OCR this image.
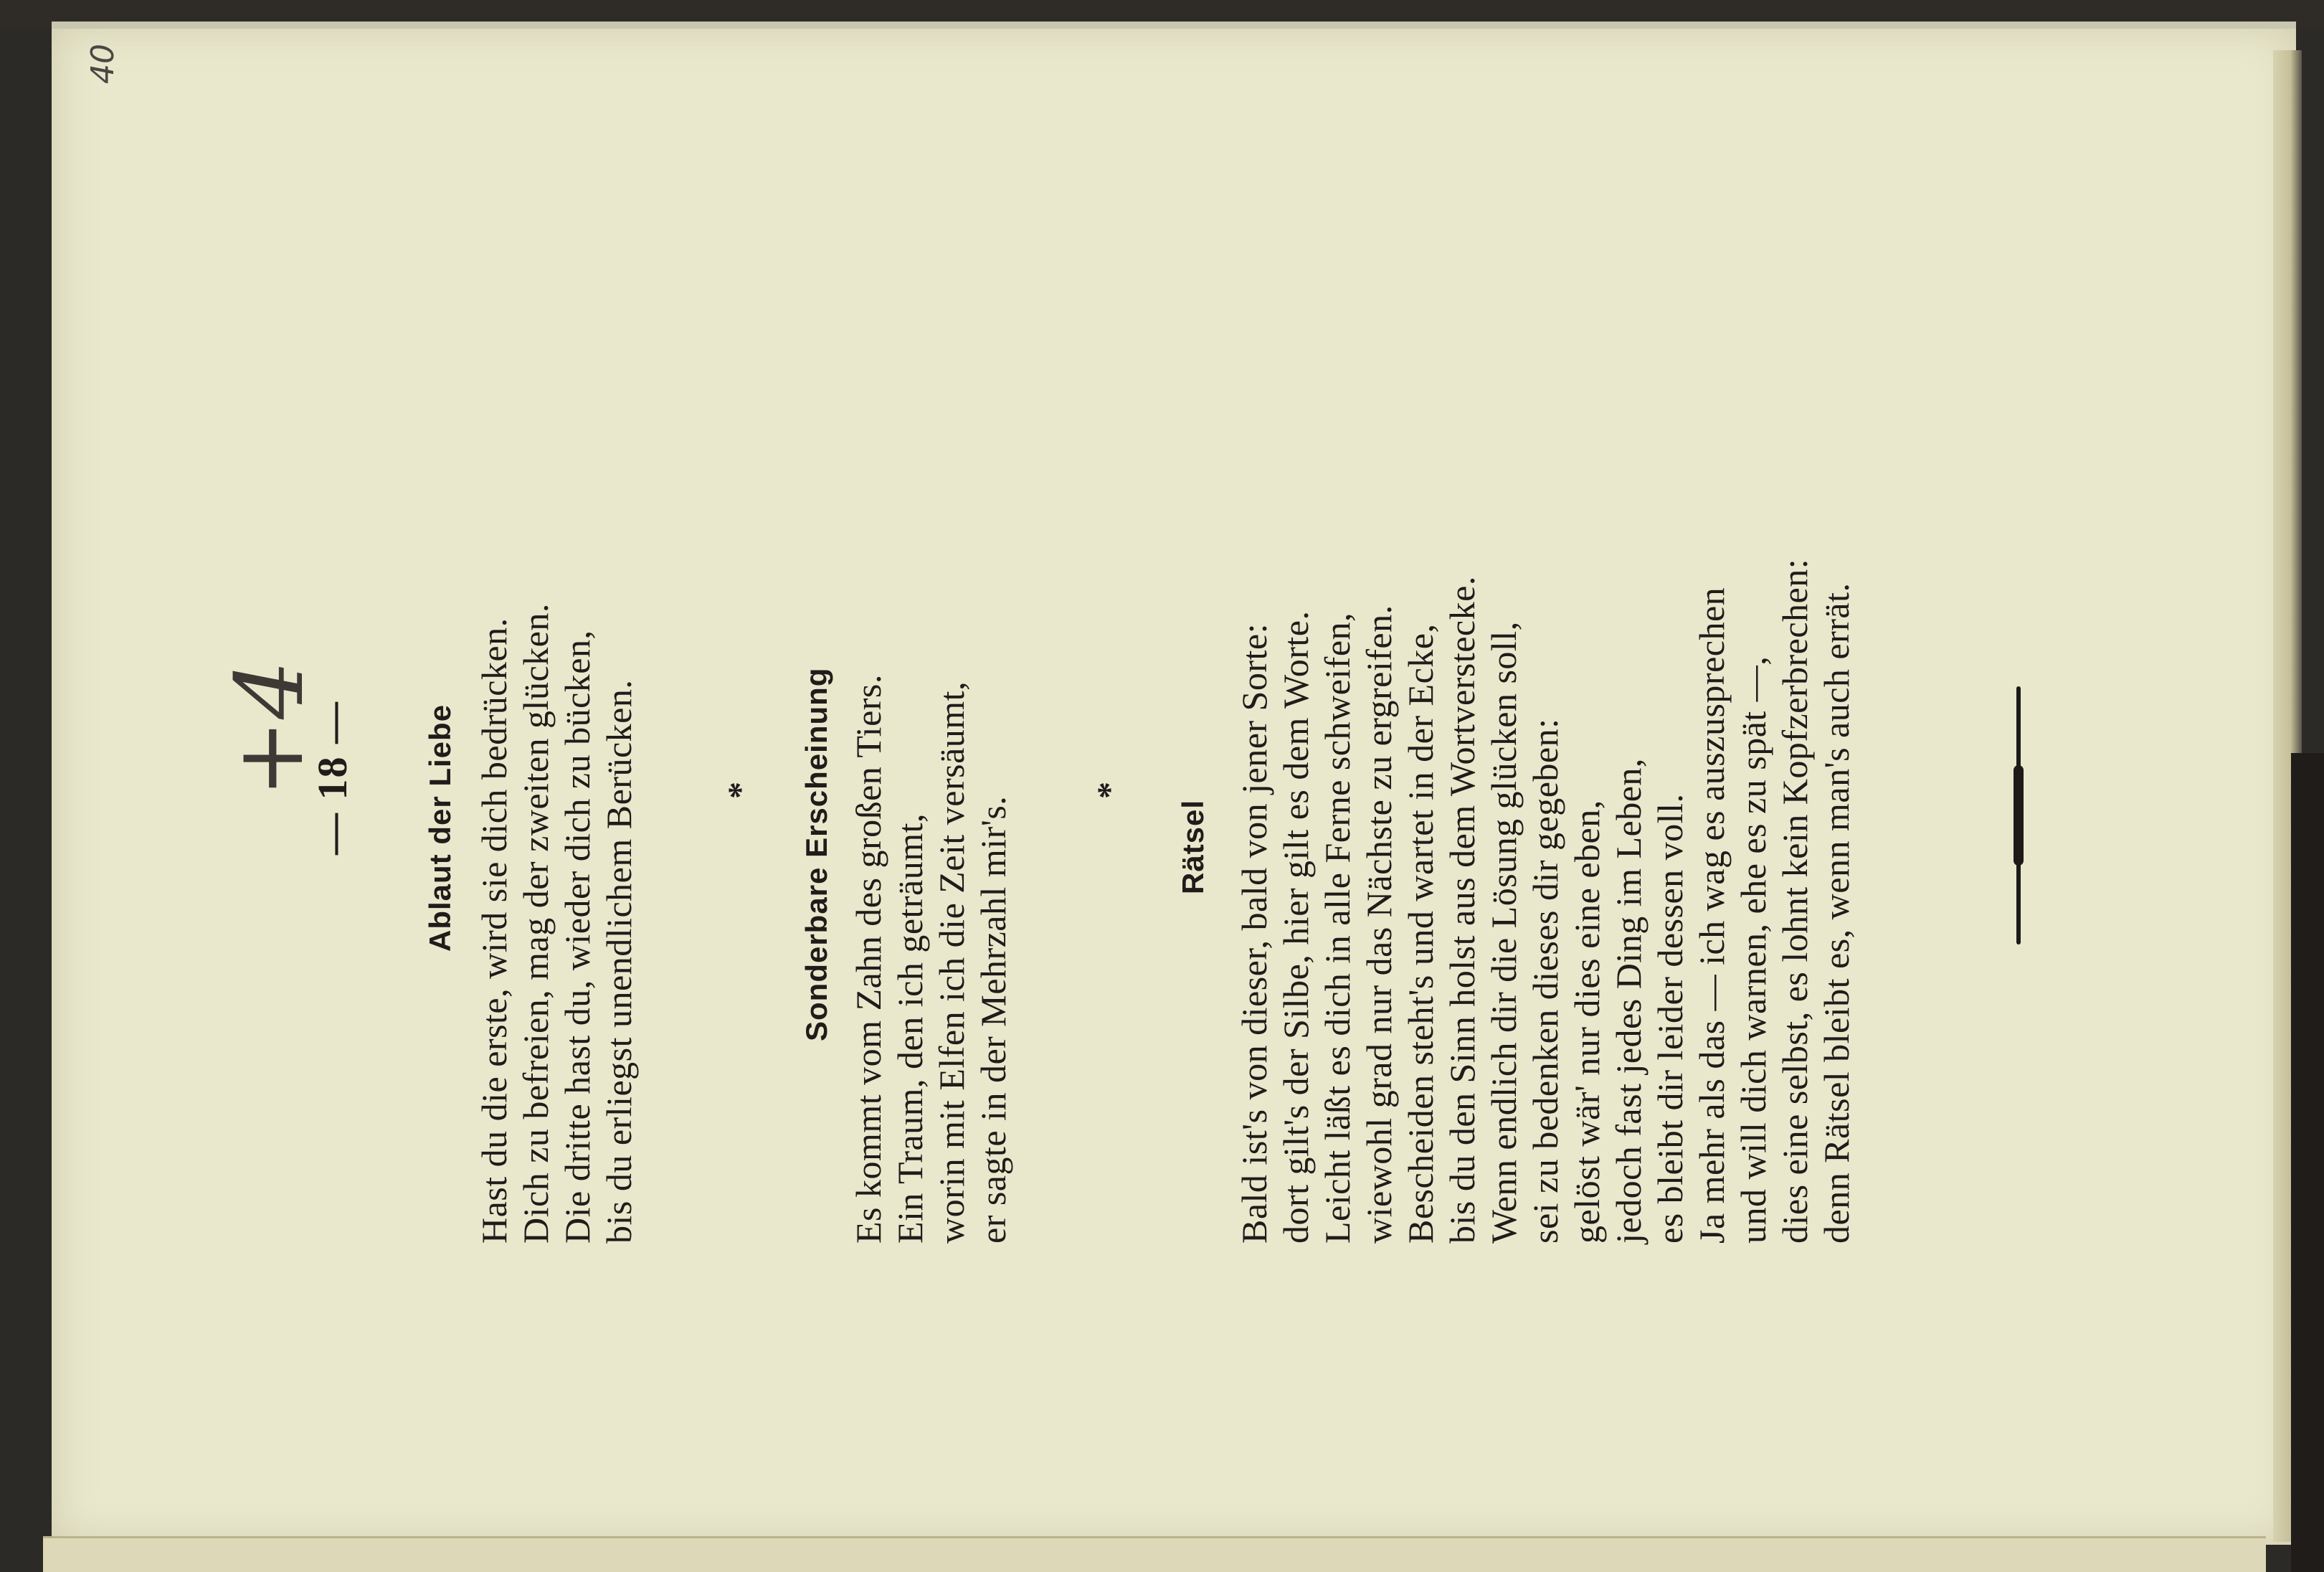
40
— 18 —
+4	Ablaut der Liebe Hast du die erste, wird sie dich bedrücken. Dich zu befreien, mag der zweiten glücken. Die dritte hast du, wieder dich zu bücken, bis du erliegst unendlichem Berücken. * Sonderbare Erscheinung Es kommt vom Zahn des großen Tiers. Ein Traum, den ich geträumt, worin mit Elfen ich die Zeit versäumt, er sagte in der Mehrzahl mir's.
*
Rätsel Bald ist's von dieser, bald von jener Sorte: dort gilt's der Silbe, hier gilt es dem Worte. Leicht läßt es dich in alle Ferne schweifen, wiewohl grad nur das Nächste zu ergreifen. Bescheiden steht's und wartet in der Ecke, bis du den Sinn holst aus dem Wortverstecke. Wenn endlich dir die Lösung glücken soll, sei zu bedenken dieses dir gegeben: gelöst wär' nur dies eine eben, jedoch fast jedes Ding im Leben, es bleibt dir leider dessen voll. Ja mehr als das — ich wag es auszusprechen und will dich warnen, ehe es zu spät —, dies eine selbst, es lohnt kein Kopfzerbrechen: denn Rätsel bleibt es, wenn man's auch errät.
